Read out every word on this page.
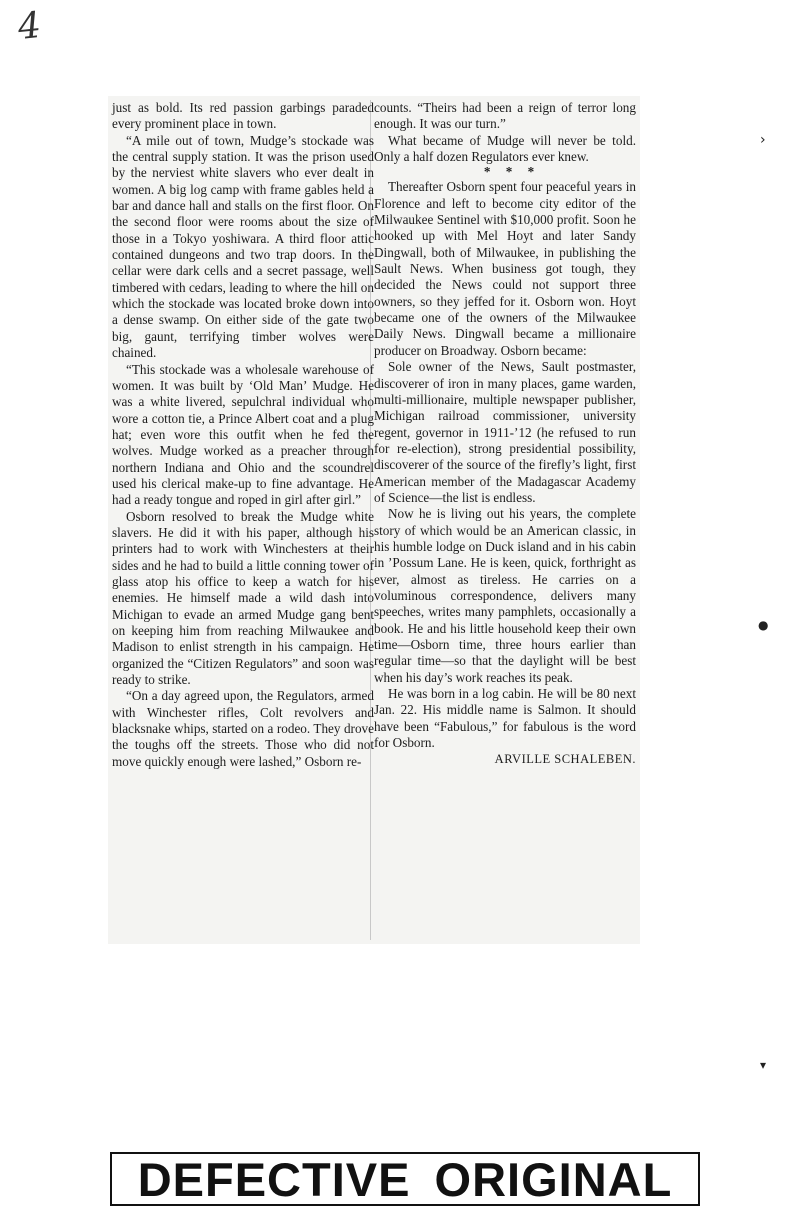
4

just as bold. Its red passion garbings paraded every prominent place in town.

“A mile out of town, Mudge’s stockade was the central supply station. It was the prison used by the nerviest white slavers who ever dealt in women. A big log camp with frame gables held a bar and dance hall and stalls on the first floor. On the second floor were rooms about the size of those in a Tokyo yoshiwara. A third floor attic contained dungeons and two trap doors. In the cellar were dark cells and a secret passage, well timbered with cedars, leading to where the hill on which the stockade was located broke down into a dense swamp. On either side of the gate two big, gaunt, terrifying timber wolves were chained.

“This stockade was a wholesale warehouse of women. It was built by ‘Old Man’ Mudge. He was a white livered, sepulchral individual who wore a cotton tie, a Prince Albert coat and a plug hat; even wore this outfit when he fed the wolves. Mudge worked as a preacher through northern Indiana and Ohio and the scoundrel used his clerical make-up to fine advantage. He had a ready tongue and roped in girl after girl.”

Osborn resolved to break the Mudge white slavers. He did it with his paper, although his printers had to work with Winchesters at their sides and he had to build a little conning tower of glass atop his office to keep a watch for his enemies. He himself made a wild dash into Michigan to evade an armed Mudge gang bent on keeping him from reaching Milwaukee and Madison to enlist strength in his campaign. He organized the “Citizen Regulators” and soon was ready to strike.

“On a day agreed upon, the Regulators, armed with Winchester rifles, Colt revolvers and blacksnake whips, started on a rodeo. They drove the toughs off the streets. Those who did not move quickly enough were lashed,” Osborn re-

counts. “Theirs had been a reign of terror long enough. It was our turn.”

What became of Mudge will never be told. Only a half dozen Regulators ever knew.

* * *

Thereafter Osborn spent four peaceful years in Florence and left to become city editor of the Milwaukee Sentinel with $10,000 profit. Soon he hooked up with Mel Hoyt and later Sandy Dingwall, both of Milwaukee, in publishing the Sault News. When business got tough, they decided the News could not support three owners, so they jeffed for it. Osborn won. Hoyt became one of the owners of the Milwaukee Daily News. Dingwall became a millionaire producer on Broadway. Osborn became:

Sole owner of the News, Sault postmaster, discoverer of iron in many places, game warden, multi-millionaire, multiple newspaper publisher, Michigan railroad commissioner, university regent, governor in 1911-’12 (he refused to run for re-election), strong presidential possibility, discoverer of the source of the firefly’s light, first American member of the Madagascar Academy of Science—the list is endless.

Now he is living out his years, the complete story of which would be an American classic, in his humble lodge on Duck island and in his cabin in ’Possum Lane. He is keen, quick, forthright as ever, almost as tireless. He carries on a voluminous correspondence, delivers many speeches, writes many pamphlets, occasionally a book. He and his little household keep their own time—Osborn time, three hours earlier than regular time—so that the daylight will be best when his day’s work reaches its peak.

He was born in a log cabin. He will be 80 next Jan. 22. His middle name is Salmon. It should have been “Fabulous,” for fabulous is the word for Osborn.

ARVILLE SCHALEBEN.

›
●
▾
DEFECTIVE ORIGINAL
